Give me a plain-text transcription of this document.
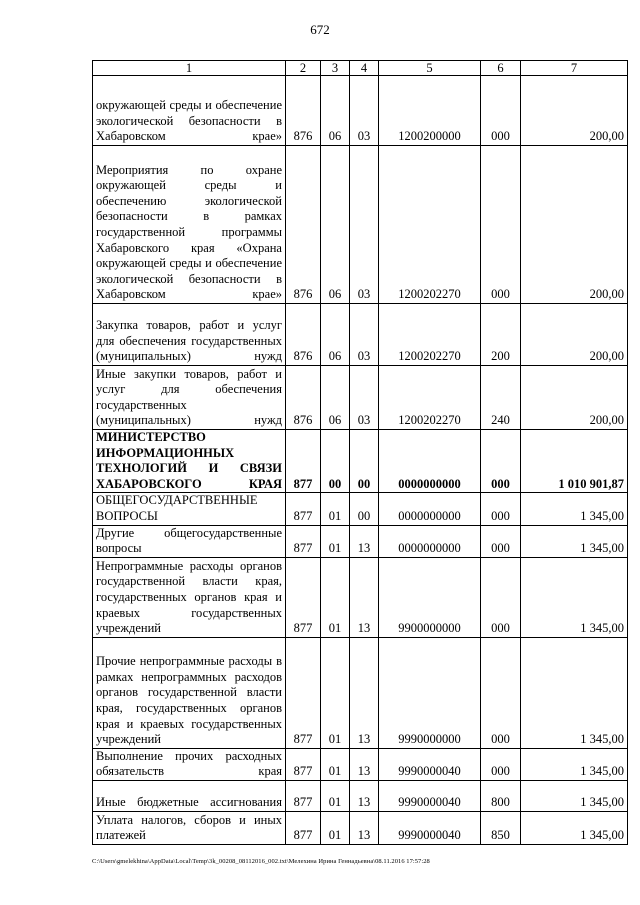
672
1	2	3	4	5	6	7
окружающей среды и обеспечение экологической безопасности в Хабаровском крае»	876	06	03	1200200000	000	200,00
Мероприятия по охране окружающей среды и обеспечению экологической безопасности в рамках государственной программы Хабаровского края «Охрана окружающей среды и обеспечение экологической безопасности в Хабаровском крае»	876	06	03	1200202270	000	200,00
Закупка товаров, работ и услуг для обеспечения государственных (муниципальных) нужд	876	06	03	1200202270	200	200,00
Иные закупки товаров, работ и услуг для обеспечения государственных (муниципальных) нужд	876	06	03	1200202270	240	200,00
МИНИСТЕРСТВО ИНФОРМАЦИОННЫХ ТЕХНОЛОГИЙ И СВЯЗИ ХАБАРОВСКОГО КРАЯ	877	00	00	0000000000	000	1 010 901,87
ОБЩЕГОСУДАРСТВЕННЫЕ ВОПРОСЫ	877	01	00	0000000000	000	1 345,00
Другие общегосударственные вопросы	877	01	13	0000000000	000	1 345,00
Непрограммные расходы органов государственной власти края, государственных органов края и краевых государственных учреждений	877	01	13	9900000000	000	1 345,00
Прочие непрограммные расходы в рамках непрограммных расходов органов государственной власти края, государственных органов края и краевых государственных учреждений	877	01	13	9990000000	000	1 345,00
Выполнение прочих расходных обязательств края	877	01	13	9990000040	000	1 345,00
Иные бюджетные ассигнования	877	01	13	9990000040	800	1 345,00
Уплата налогов, сборов и иных платежей	877	01	13	9990000040	850	1 345,00
C:\Users\gmelekhina\AppData\Local\Temp\3k_00208_08112016_002.txt\Мелехина Ирина Геннадьевна\08.11.2016 17:57:28
